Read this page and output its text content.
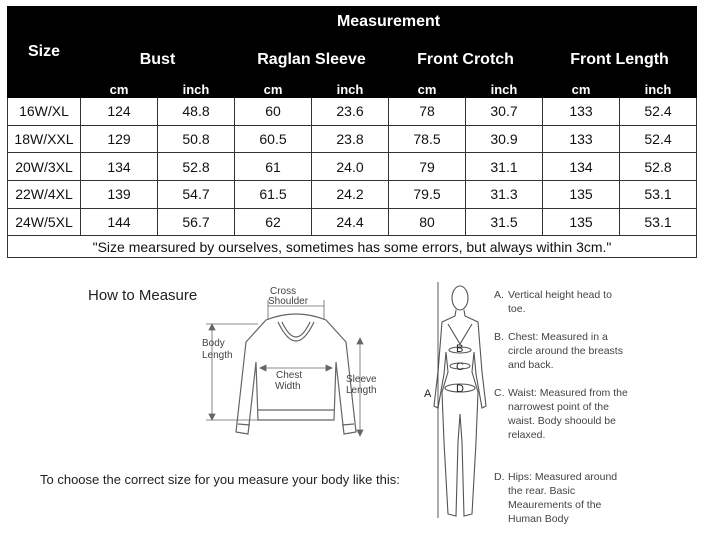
Size	Measurement							
	Bust		Raglan Sleeve		Front Crotch		Front Length	
	cm	inch	cm	inch	cm	inch	cm	inch
16W/XL	124	48.8	60	23.6	78	30.7	133	52.4
18W/XXL	129	50.8	60.5	23.8	78.5	30.9	133	52.4
20W/3XL	134	52.8	61	24.0	79	31.1	134	52.8
22W/4XL	139	54.7	61.5	24.2	79.5	31.3	135	53.1
24W/5XL	144	56.7	62	24.4	80	31.5	135	53.1
"Size mearsured by ourselves, sometimes has some errors, but always within 3cm."								
How to Measure	Cross
Shoulder
Body
Length
Chest
Width
Sleeve
Length
B
C
D
A
A. Vertical height head to toe.
B. Chest: Measured in a circle around the breasts and back.
C. Waist: Measured from the narrowest point of the waist. Body shoould be relaxed.
D. Hips: Measured around the rear. Basic Meaurements of the Human Body
To choose the correct size for you measure your body like this:
